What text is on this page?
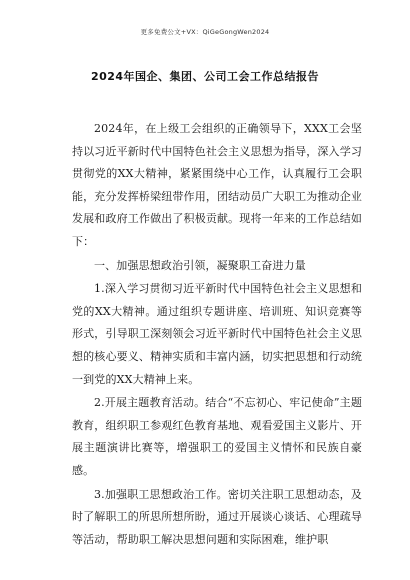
更多免费公文+VX：QiGeGongWen2024
2024年国企、集团、公司工会工作总结报告

2024年，在上级工会组织的正确领导下，XXX工会坚持以习近平新时代中国特色社会主义思想为指导，深入学习贯彻党的XX大精神，紧紧围绕中心工作，认真履行工会职能，充分发挥桥梁纽带作用，团结动员广大职工为推动企业发展和政府工作做出了积极贡献。现将一年来的工作总结如下：

一、加强思想政治引领，凝聚职工奋进力量

1.深入学习贯彻习近平新时代中国特色社会主义思想和党的XX大精神。通过组织专题讲座、培训班、知识竞赛等形式，引导职工深刻领会习近平新时代中国特色社会主义思想的核心要义、精神实质和丰富内涵，切实把思想和行动统一到党的XX大精神上来。

2.开展主题教育活动。结合“不忘初心、牢记使命”主题教育，组织职工参观红色教育基地、观看爱国主义影片、开展主题演讲比赛等，增强职工的爱国主义情怀和民族自豪感。

3.加强职工思想政治工作。密切关注职工思想动态，及时了解职工的所思所想所盼，通过开展谈心谈话、心理疏导等活动，帮助职工解决思想问题和实际困难，维护职
